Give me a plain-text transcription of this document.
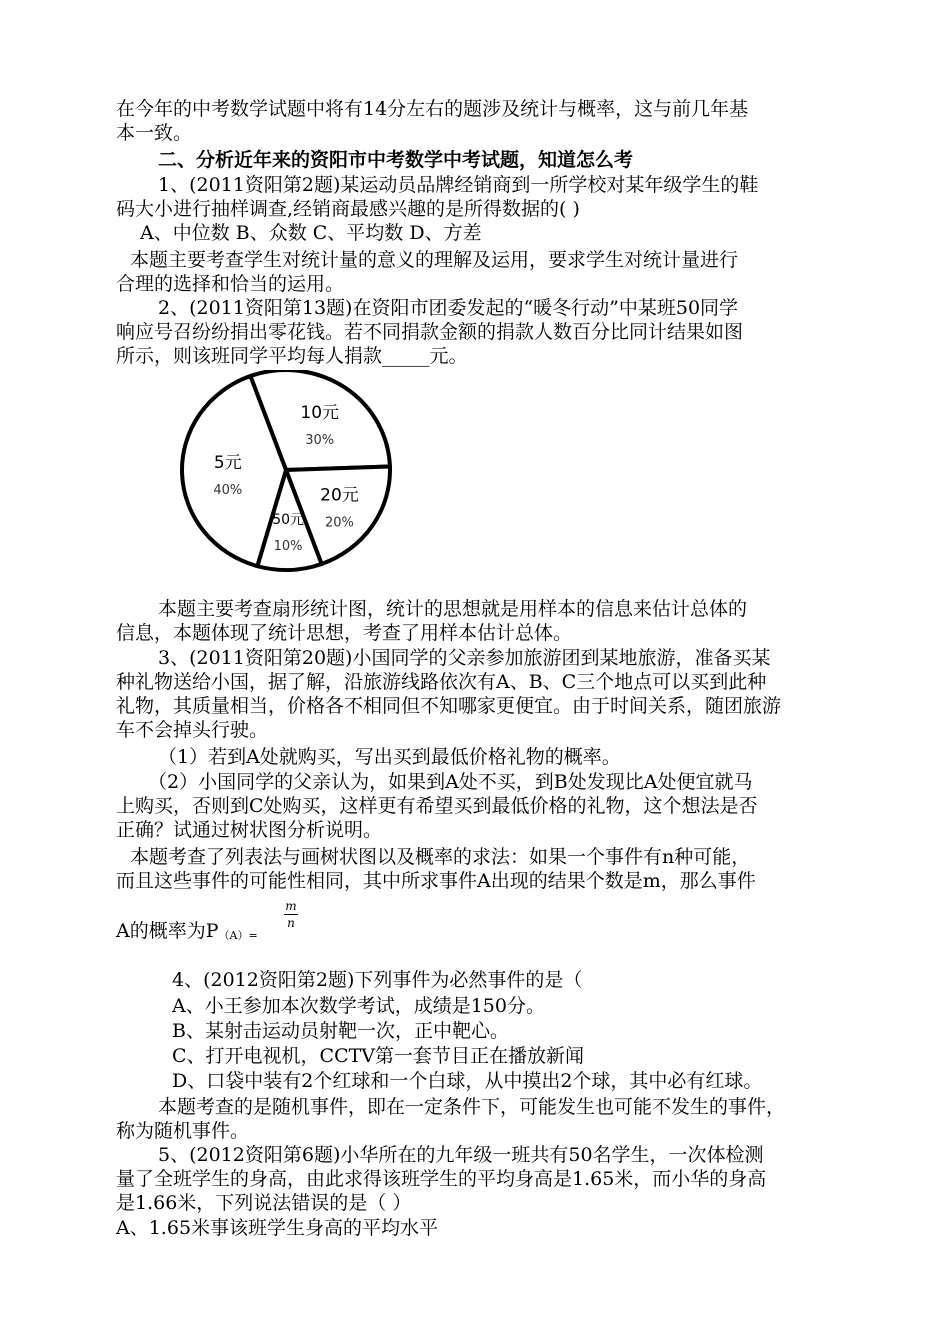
在今年的中考数学试题中将有14分左右的题涉及统计与概率，这与前几年基
本一致。
二、分析近年来的资阳市中考数学中考试题，知道怎么考
1、(2011资阳第2题)某运动员品牌经销商到一所学校对某年级学生的鞋
码大小进行抽样调查,经销商最感兴趣的是所得数据的( )
A、中位数 B、众数 C、平均数 D、方差
本题主要考查学生对统计量的意义的理解及运用，要求学生对统计量进行
合理的选择和恰当的运用。
2、(2011资阳第13题)在资阳市团委发起的“暖冬行动”中某班50同学
响应号召纷纷捐出零花钱。若不同捐款金额的捐款人数百分比同计结果如图
所示，则该班同学平均每人捐款_____元。
10元
30%
20元
20%
50元
10%
5元
40%
本题主要考查扇形统计图，统计的思想就是用样本的信息来估计总体的
信息，本题体现了统计思想，考查了用样本估计总体。
3、(2011资阳第20题)小国同学的父亲参加旅游团到某地旅游，准备买某
种礼物送给小国，据了解，沿旅游线路依次有A、B、C三个地点可以买到此种
礼物，其质量相当，价格各不相同但不知哪家更便宜。由于时间关系，随团旅游
车不会掉头行驶。
（1）若到A处就购买，写出买到最低价格礼物的概率。
（2）小国同学的父亲认为，如果到A处不买，到B处发现比A处便宜就马
上购买，否则到C处购买，这样更有希望买到最低价格的礼物，这个想法是否
正确？试通过树状图分析说明。
本题考查了列表法与画树状图以及概率的求法：如果一个事件有n种可能，
而且这些事件的可能性相同，其中所求事件A出现的结果个数是m，那么事件
A的概率为P（A）=
m
n
4、(2012资阳第2题)下列事件为必然事件的是（
A、小王参加本次数学考试，成绩是150分。
B、某射击运动员射靶一次，正中靶心。
C、打开电视机，CCTV第一套节目正在播放新闻
D、口袋中装有2个红球和一个白球，从中摸出2个球，其中必有红球。
本题考查的是随机事件，即在一定条件下，可能发生也可能不发生的事件，
称为随机事件。
5、(2012资阳第6题)小华所在的九年级一班共有50名学生，一次体检测
量了全班学生的身高，由此求得该班学生的平均身高是1.65米，而小华的身高
是1.66米，下列说法错误的是（ ）
A、1.65米事该班学生身高的平均水平
